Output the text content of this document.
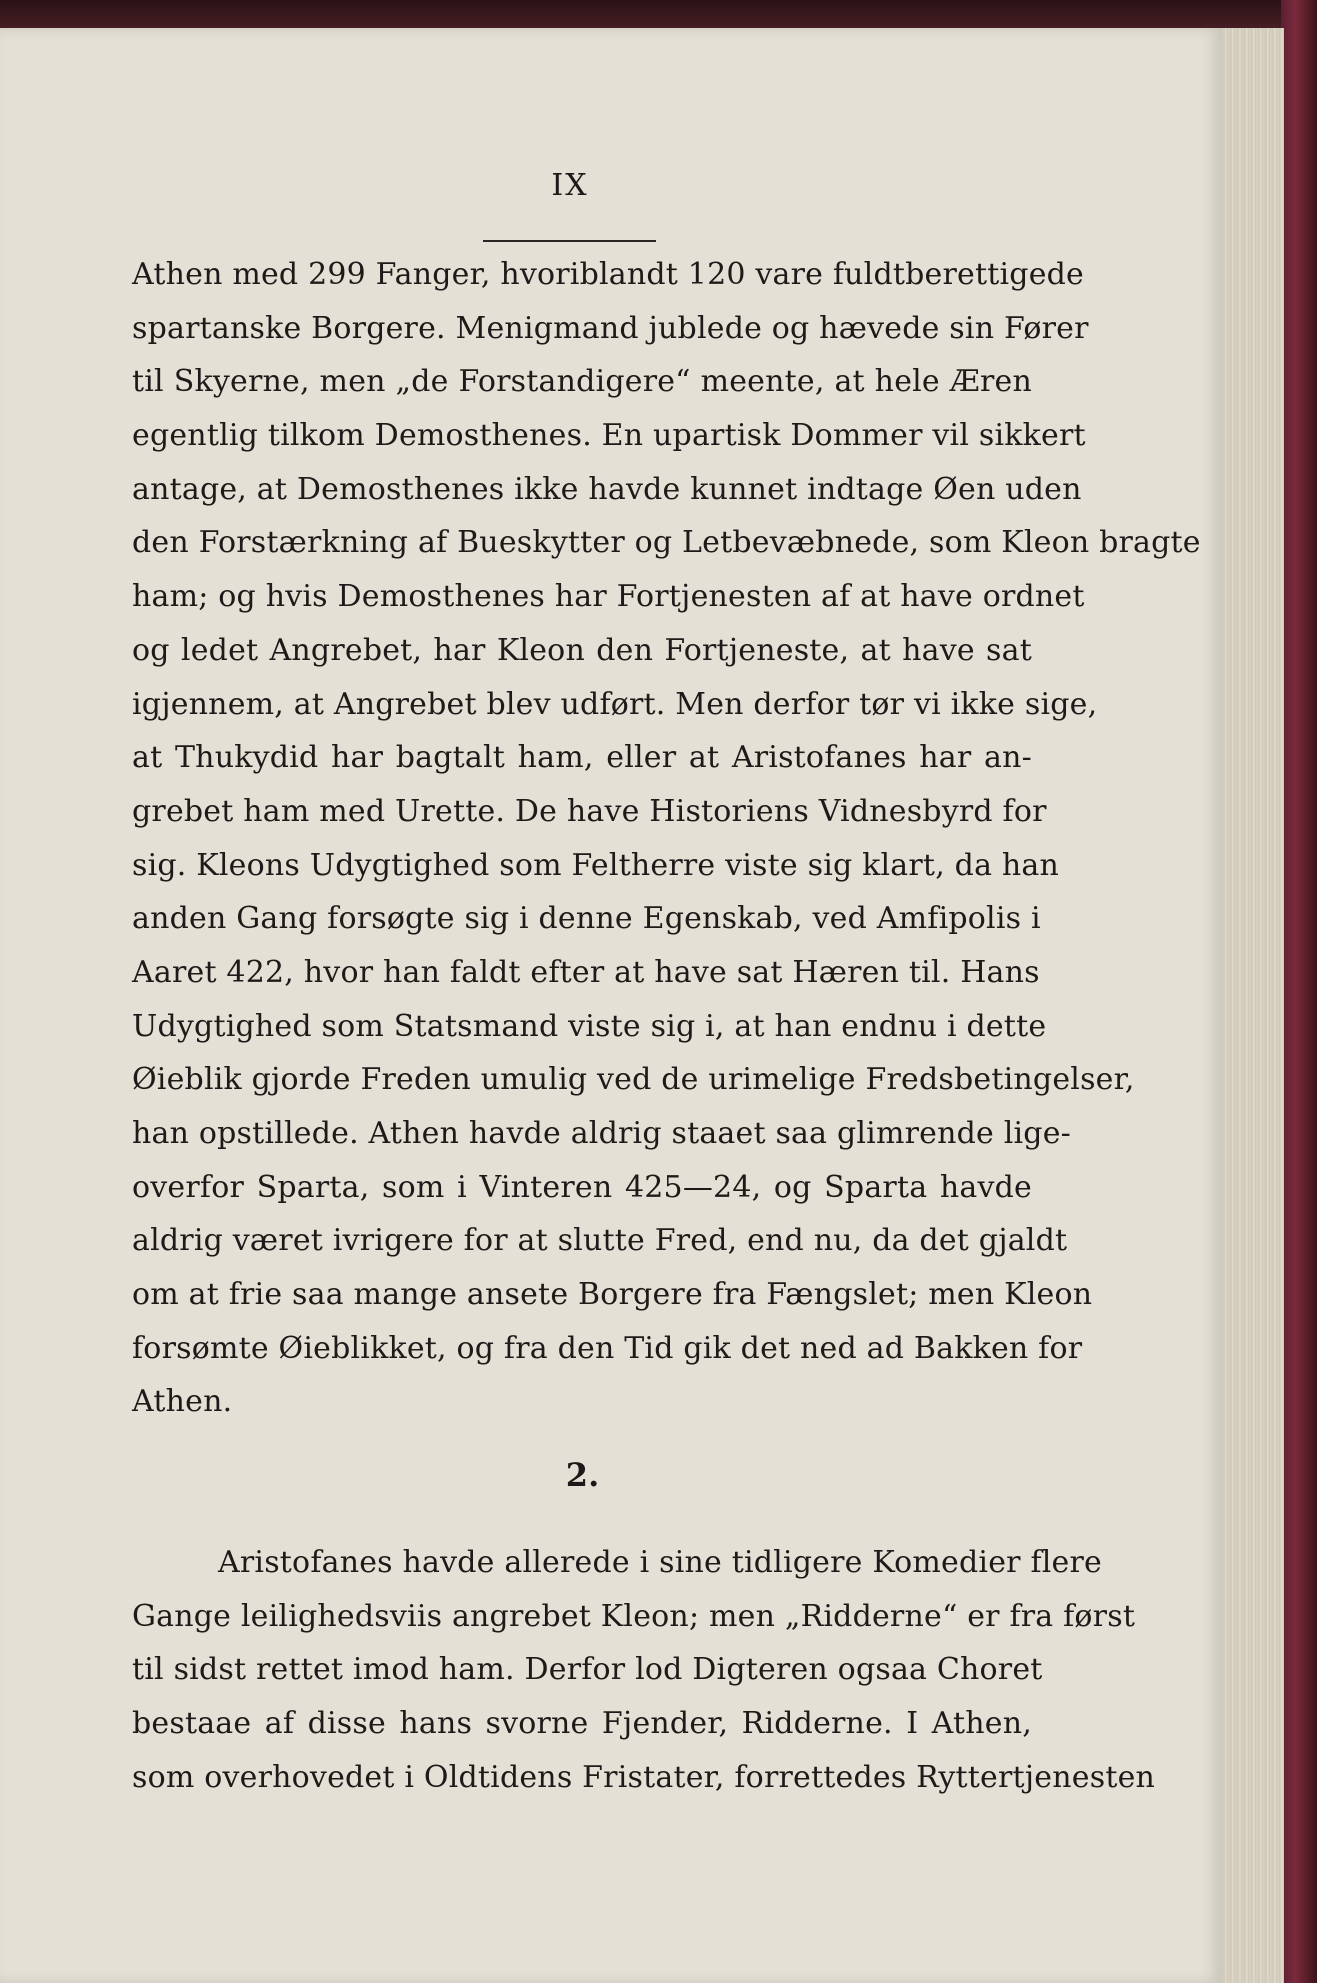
IX
Athen med 299 Fanger, hvoriblandt 120 vare fuldtberettigede
spartanske Borgere. Menigmand jublede og hævede sin Fører
til Skyerne, men „de Forstandigere“ meente, at hele Æren
egentlig tilkom Demosthenes. En upartisk Dommer vil sikkert
antage, at Demosthenes ikke havde kunnet indtage Øen uden
den Forstærkning af Bueskytter og Letbevæbnede, som Kleon bragte
ham; og hvis Demosthenes har Fortjenesten af at have ordnet
og ledet Angrebet, har Kleon den Fortjeneste, at have sat
igjennem, at Angrebet blev udført. Men derfor tør vi ikke sige,
at Thukydid har bagtalt ham, eller at Aristofanes har an-
grebet ham med Urette. De have Historiens Vidnesbyrd for
sig. Kleons Udygtighed som Feltherre viste sig klart, da han
anden Gang forsøgte sig i denne Egenskab, ved Amfipolis i
Aaret 422, hvor han faldt efter at have sat Hæren til. Hans
Udygtighed som Statsmand viste sig i, at han endnu i dette
Øieblik gjorde Freden umulig ved de urimelige Fredsbetingelser,
han opstillede. Athen havde aldrig staaet saa glimrende lige-
overfor Sparta, som i Vinteren 425—24, og Sparta havde
aldrig været ivrigere for at slutte Fred, end nu, da det gjaldt
om at frie saa mange ansete Borgere fra Fængslet; men Kleon
forsømte Øieblikket, og fra den Tid gik det ned ad Bakken for
Athen.
2.
Aristofanes havde allerede i sine tidligere Komedier flere
Gange leilighedsviis angrebet Kleon; men „Ridderne“ er fra først
til sidst rettet imod ham. Derfor lod Digteren ogsaa Choret
bestaae af disse hans svorne Fjender, Ridderne. I Athen,
som overhovedet i Oldtidens Fristater, forrettedes Ryttertjenesten
